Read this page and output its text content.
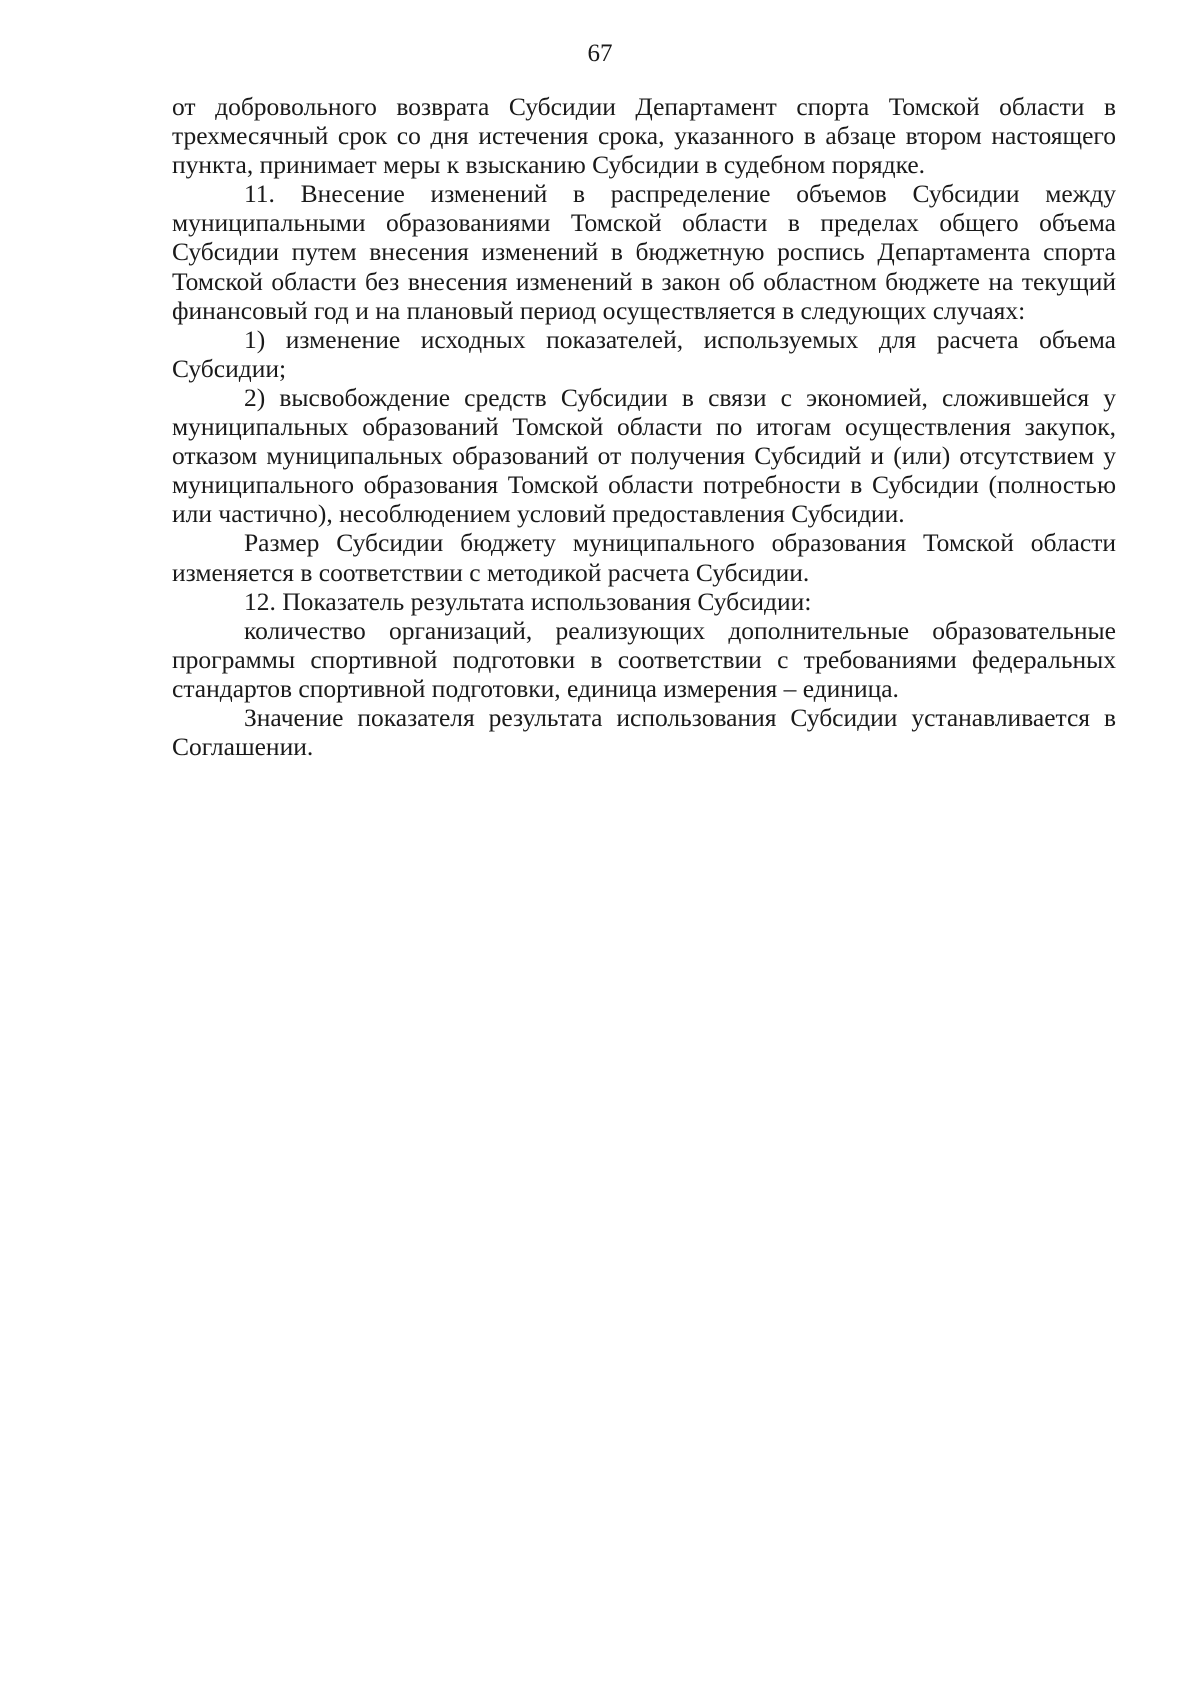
67

от добровольного возврата Субсидии Департамент спорта Томской области в трехмесячный срок со дня истечения срока, указанного в абзаце втором настоящего пункта, принимает меры к взысканию Субсидии в судебном порядке.

11. Внесение изменений в распределение объемов Субсидии между муниципальными образованиями Томской области в пределах общего объема Субсидии путем внесения изменений в бюджетную роспись Департамента спорта Томской области без внесения изменений в закон об областном бюджете на текущий финансовый год и на плановый период осуществляется в следующих случаях:

1) изменение исходных показателей, используемых для расчета объема Субсидии;

2) высвобождение средств Субсидии в связи с экономией, сложившейся у муниципальных образований Томской области по итогам осуществления закупок, отказом муниципальных образований от получения Субсидий и (или) отсутствием у муниципального образования Томской области потребности в Субсидии (полностью или частично), несоблюдением условий предоставления Субсидии.

Размер Субсидии бюджету муниципального образования Томской области изменяется в соответствии с методикой расчета Субсидии.

12. Показатель результата использования Субсидии:

количество организаций, реализующих дополнительные образовательные программы спортивной подготовки в соответствии с требованиями федеральных стандартов спортивной подготовки, единица измерения – единица.

Значение показателя результата использования Субсидии устанавливается в Соглашении.
